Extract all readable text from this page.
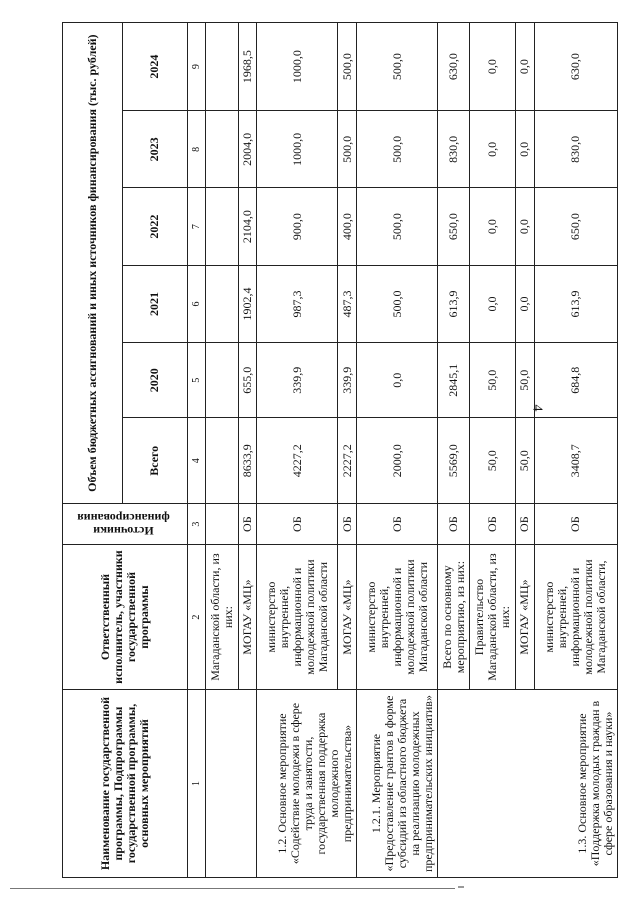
4
Наименование государственной программы, Подпрограммы государственной программы, основных мероприятий	Ответственный исполнитель, участники государственной программы	Источники финансирования	Объем бюджетных ассигнований и иных источников финансирования (тыс. рублей)					
			Всего	2020	2021	2022	2023	2024
1	2	3	4	5	6	7	8	9
	Магаданской области, из них:							
	МОГАУ «МЦ»	ОБ	8633,9	655,0	1902,4	2104,0	2004,0	1968,5
1.2. Основное мероприятие «Содействие молодежи в сфере труда и занятости, государственная поддержка молодежного предпринимательства»	министерство внутренней, информационной и молодежной политики Магаданской области	ОБ	4227,2	339,9	987,3	900,0	1000,0	1000,0
	МОГАУ «МЦ»	ОБ	2227,2	339,9	487,3	400,0	500,0	500,0
1.2.1. Мероприятие «Предоставление грантов в форме субсидий из областного бюджета на реализацию молодежных предпринимательских инициатив»	министерство внутренней, информационной и молодежной политики Магаданской области	ОБ	2000,0	0,0	500,0	500,0	500,0	500,0
1.3. Основное мероприятие «Поддержка молодых граждан в сфере образования и науки»	Всего по основному мероприятию, из них:	ОБ	5569,0	2845,1	613,9	650,0	830,0	630,0
	Правительство Магаданской области, из них:	ОБ	50,0	50,0	0,0	0,0	0,0	0,0
	МОГАУ «МЦ»	ОБ	50,0	50,0	0,0	0,0	0,0	0,0
	министерство внутренней, информационной и молодежной политики Магаданской области,	ОБ	3408,7	684,8	613,9	650,0	830,0	630,0
